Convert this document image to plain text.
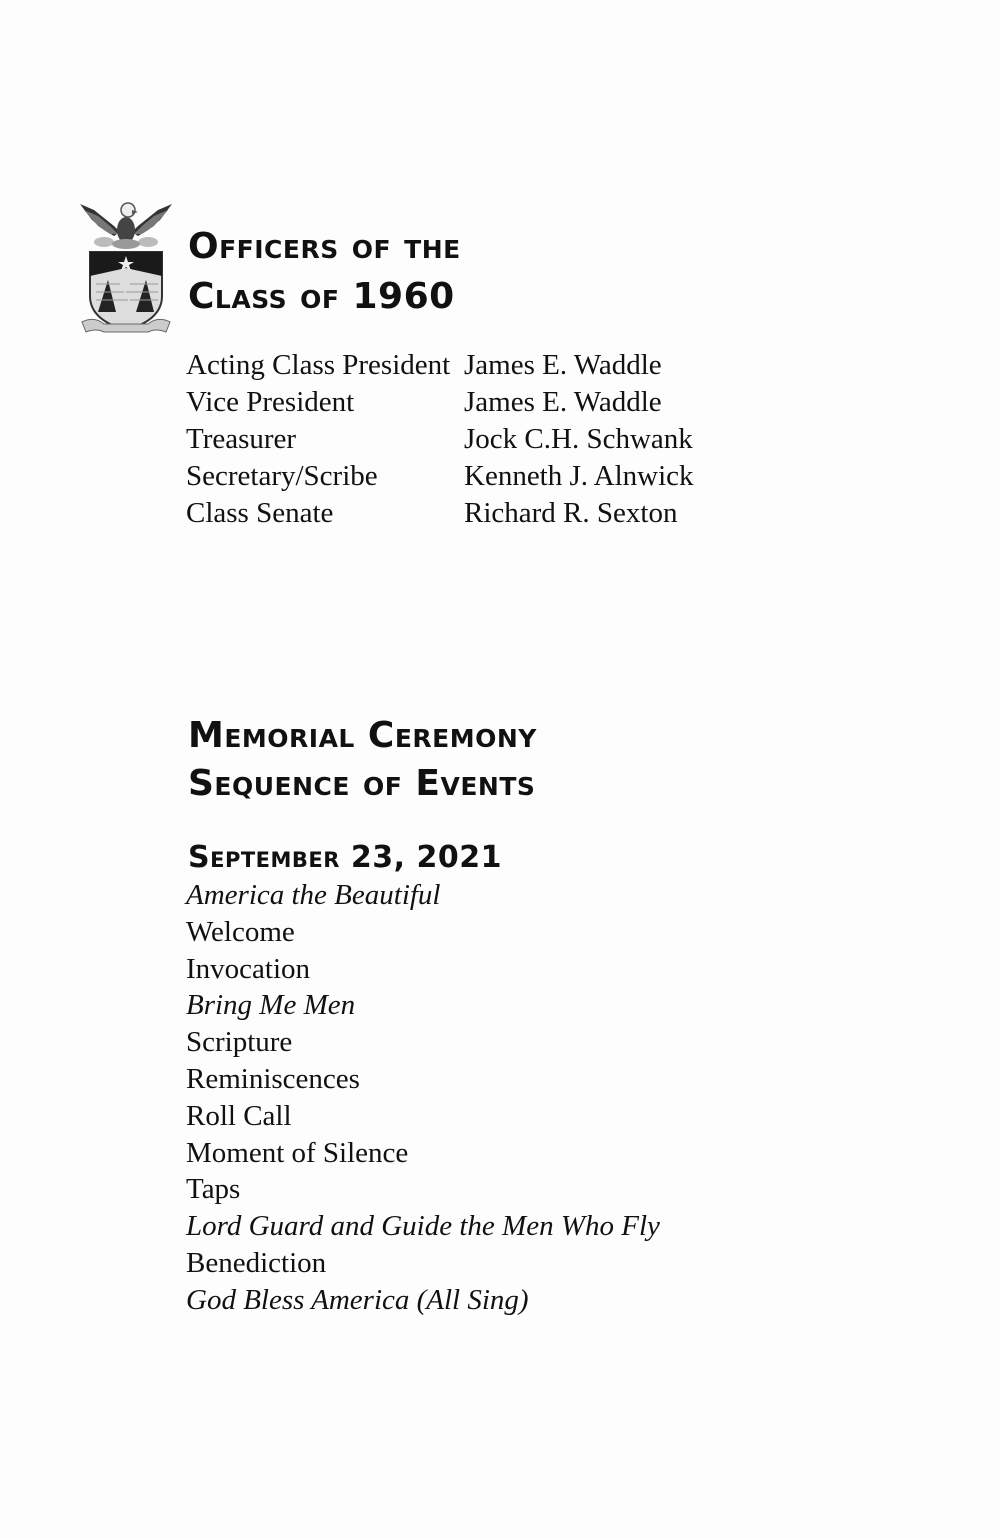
Officers of the
Class of 1960
Acting Class President	James E. Waddle
Vice President	James E. Waddle
Treasurer	Jock C.H. Schwank
Secretary/Scribe	Kenneth J. Alnwick
Class Senate	Richard R. Sexton
Memorial Ceremony
Sequence of Events
September 23, 2021
America the Beautiful
Welcome
Invocation
Bring Me Men
Scripture
Reminiscences
Roll Call
Moment of Silence
Taps
Lord Guard and Guide the Men Who Fly
Benediction
God Bless America (All Sing)
